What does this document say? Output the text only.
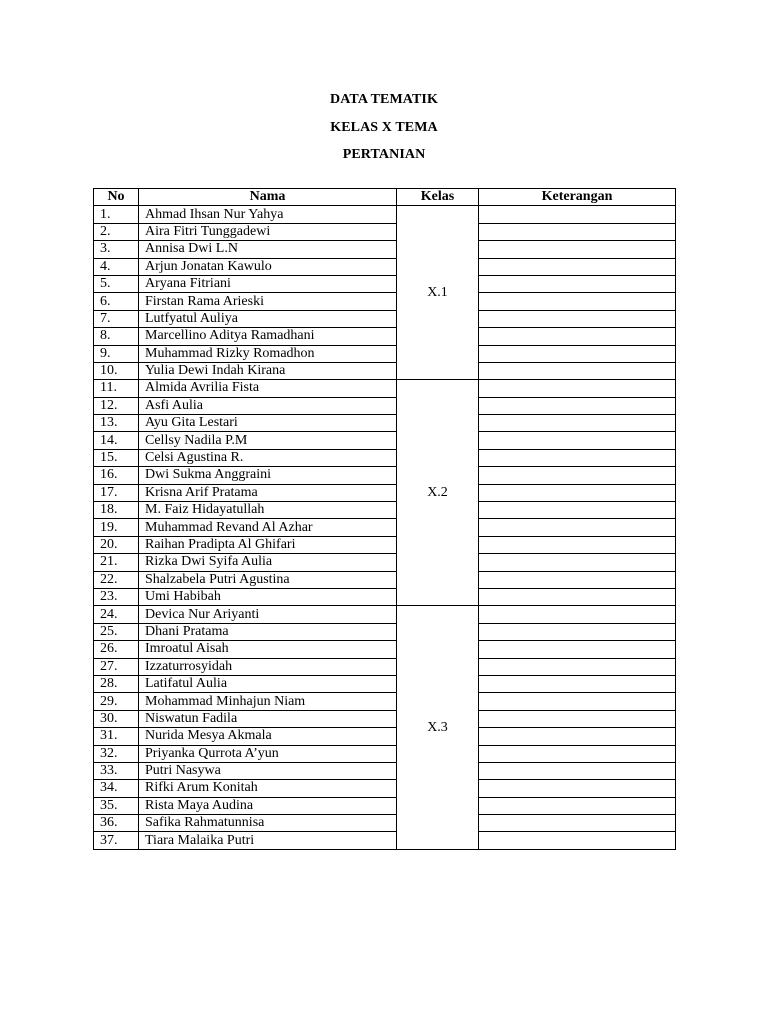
DATA TEMATIK
KELAS X TEMA
PERTANIAN
No	Nama	Kelas	Keterangan
1.	Ahmad Ihsan Nur Yahya	X.1	
2.	Aira Fitri Tunggadewi		
3.	Annisa Dwi L.N		
4.	Arjun Jonatan Kawulo		
5.	Aryana Fitriani		
6.	Firstan Rama Arieski		
7.	Lutfyatul Auliya		
8.	Marcellino Aditya Ramadhani		
9.	Muhammad Rizky Romadhon		
10.	Yulia Dewi Indah Kirana		
11.	Almida Avrilia Fista	X.2	
12.	Asfi Aulia		
13.	Ayu Gita Lestari		
14.	Cellsy Nadila P.M		
15.	Celsi Agustina R.		
16.	Dwi Sukma Anggraini		
17.	Krisna Arif Pratama		
18.	M. Faiz Hidayatullah		
19.	Muhammad Revand Al Azhar		
20.	Raihan Pradipta Al Ghifari		
21.	Rizka Dwi Syifa Aulia		
22.	Shalzabela Putri Agustina		
23.	Umi Habibah		
24.	Devica Nur Ariyanti	X.3	
25.	Dhani Pratama		
26.	Imroatul Aisah		
27.	Izzaturrosyidah		
28.	Latifatul Aulia		
29.	Mohammad Minhajun Niam		
30.	Niswatun Fadila		
31.	Nurida Mesya Akmala		
32.	Priyanka Qurrota A’yun		
33.	Putri Nasywa		
34.	Rifki Arum Konitah		
35.	Rista Maya Audina		
36.	Safika Rahmatunnisa		
37.	Tiara Malaika Putri		
